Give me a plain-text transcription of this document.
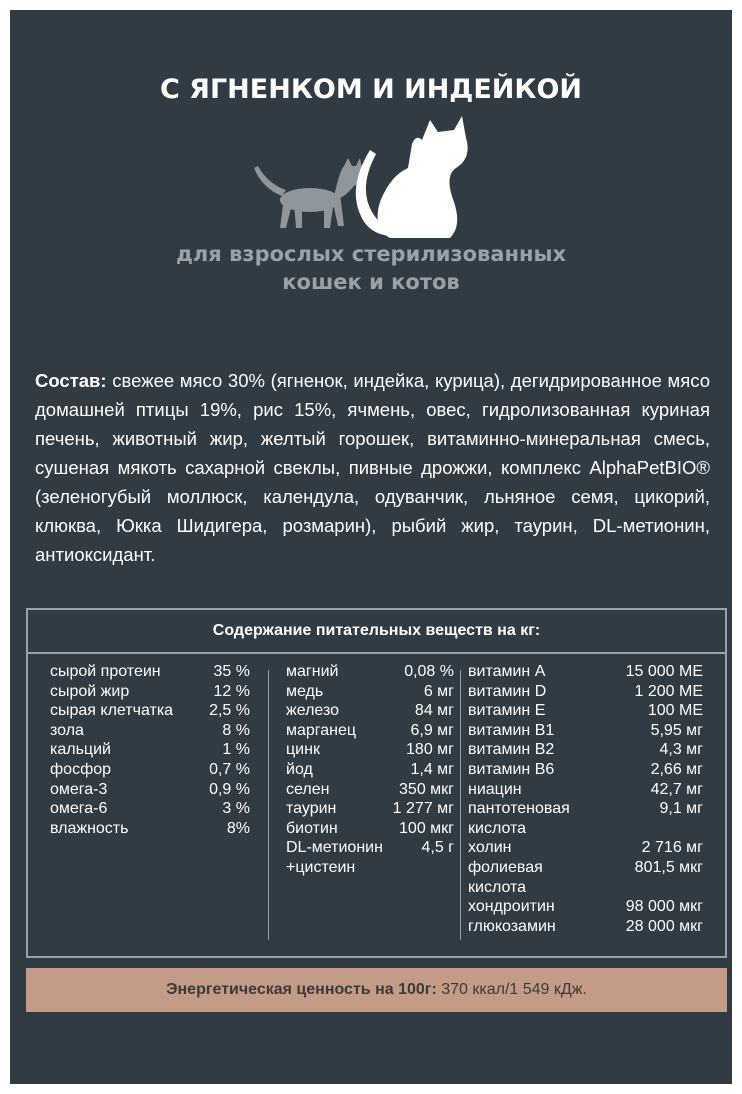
С ЯГНЕНКОМ И ИНДЕЙКОЙ
для взрослых стерилизованных
кошек и котов
Состав: свежее мясо 30% (ягненок, индейка, курица), дегидрированное мясо домашней птицы 19%, рис 15%, ячмень, овес, гидролизованная куриная печень, животный жир, желтый горошек, витаминно-минеральная смесь, сушеная мякоть сахарной свеклы, пивные дрожжи, комплекс AlphaPetBIO® (зеленогубый моллюск, календула, одуванчик, льняное семя, цикорий, клюква, Юкка Шидигера, розмарин), рыбий жир, таурин, DL-метионин, антиоксидант.
Содержание питательных веществ на кг:
сырой протеин	35 %
сырой жир	12 %
сырая клетчатка 2,5 %
зола	8 %
кальций	1 %
фосфор	0,7 %
омега-3	0,9 %
омега-6	3 %
влажность	8%
магний	0,08 %
медь	6 мг
железо	84 мг
марганец	6,9 мг
цинк	180 мг
йод	1,4 мг
селен	350 мкг
таурин	1 277 мг
биотин	100 мкг
DL-метионин 4,5 г
+цистеин
витамин А	15 000 МЕ
витамин D	1 200 МЕ
витамин Е	100 МЕ
витамин В1	5,95 мг
витамин В2	4,3 мг
витамин В6	2,66 мг
ниацин	42,7 мг
пантотеновая	9,1 мг
кислота
холин	2 716 мг
фолиевая	801,5 мкг
кислота
хондроитин	98 000 мкг
глюкозамин	28 000 мкг
Энергетическая ценность на 100г: 370 ккал/1 549 кДж.
